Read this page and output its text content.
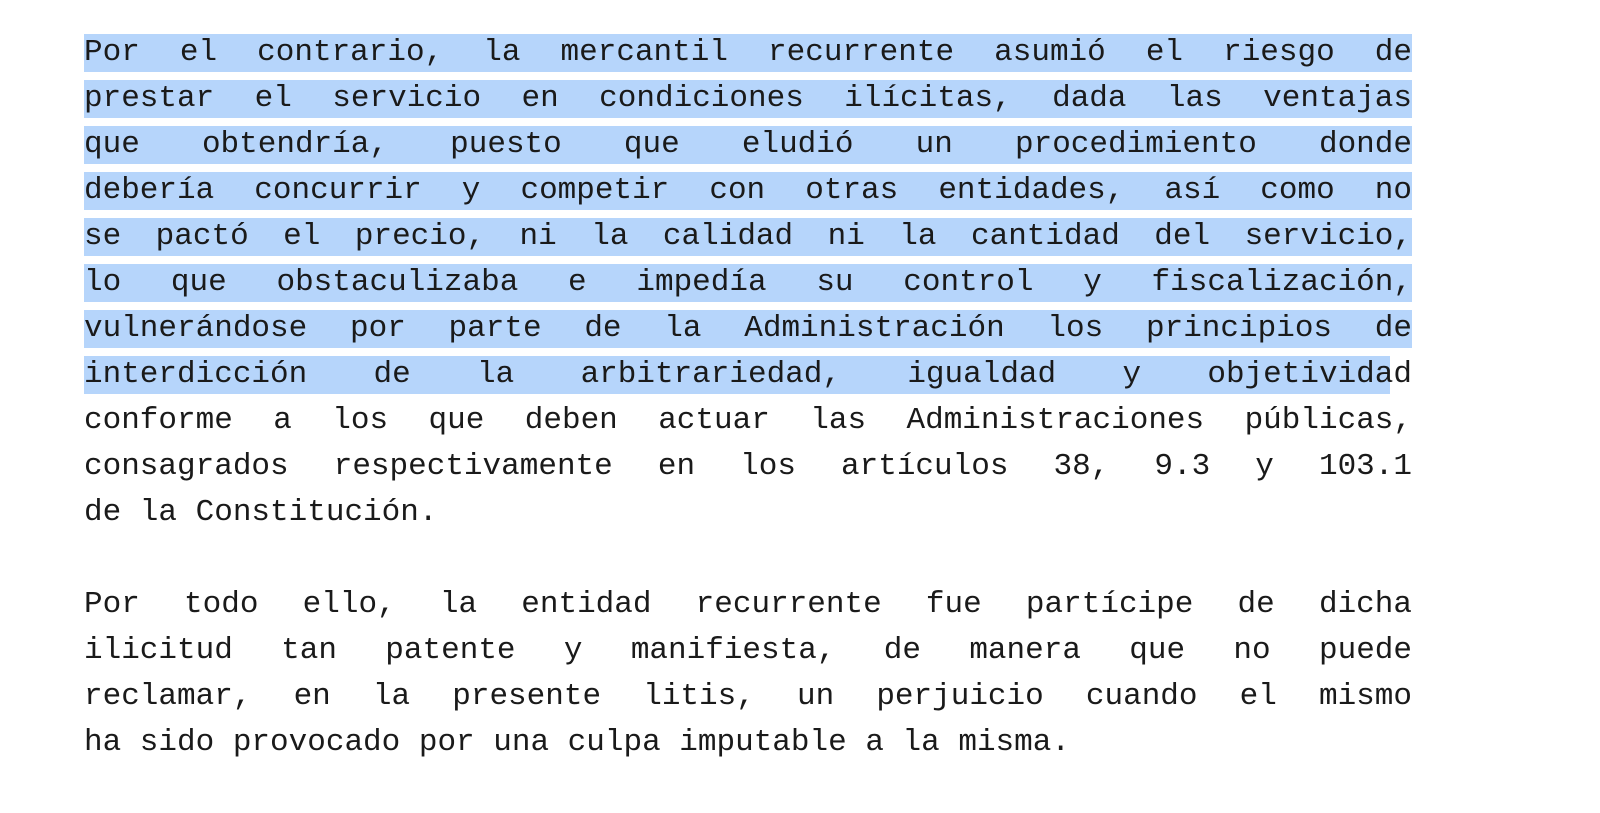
Por el contrario, la mercantil recurrente asumió el riesgo de
prestar el servicio en condiciones ilícitas, dada las ventajas
que obtendría, puesto que eludió un procedimiento donde
debería concurrir y competir con otras entidades, así como no
se pactó el precio, ni la calidad ni la cantidad del servicio,
lo que obstaculizaba e impedía su control y fiscalización,
vulnerándose por parte de la Administración los principios de
interdicción de la arbitrariedad, igualdad y objetividad
conforme a los que deben actuar las Administraciones públicas,
consagrados respectivamente en los artículos 38, 9.3 y 103.1
de la Constitución.
Por todo ello, la entidad recurrente fue partícipe de dicha
ilicitud tan patente y manifiesta, de manera que no puede
reclamar, en la presente litis, un perjuicio cuando el mismo
ha sido provocado por una culpa imputable a la misma.
